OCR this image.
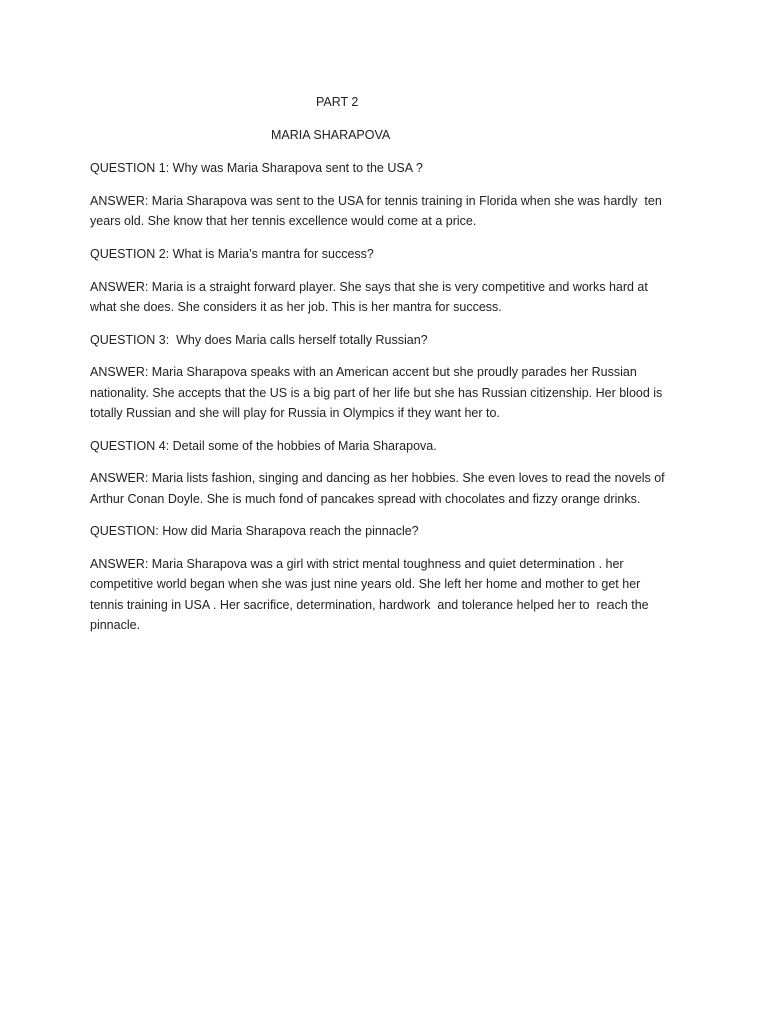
PART 2

MARIA SHARAPOVA

QUESTION 1: Why was Maria Sharapova sent to the USA ?

ANSWER: Maria Sharapova was sent to the USA for tennis training in Florida when she was hardly  ten years old. She know that her tennis excellence would come at a price.

QUESTION 2: What is Maria’s mantra for success?

ANSWER: Maria is a straight forward player. She says that she is very competitive and works hard at what she does. She considers it as her job. This is her mantra for success.

QUESTION 3:  Why does Maria calls herself totally Russian?

ANSWER: Maria Sharapova speaks with an American accent but she proudly parades her Russian nationality. She accepts that the US is a big part of her life but she has Russian citizenship. Her blood is totally Russian and she will play for Russia in Olympics if they want her to.

QUESTION 4: Detail some of the hobbies of Maria Sharapova.

ANSWER: Maria lists fashion, singing and dancing as her hobbies. She even loves to read the novels of Arthur Conan Doyle. She is much fond of pancakes spread with chocolates and fizzy orange drinks.

QUESTION: How did Maria Sharapova reach the pinnacle?

ANSWER: Maria Sharapova was a girl with strict mental toughness and quiet determination . her competitive world began when she was just nine years old. She left her home and mother to get her tennis training in USA . Her sacrifice, determination, hardwork  and tolerance helped her to  reach the pinnacle.
